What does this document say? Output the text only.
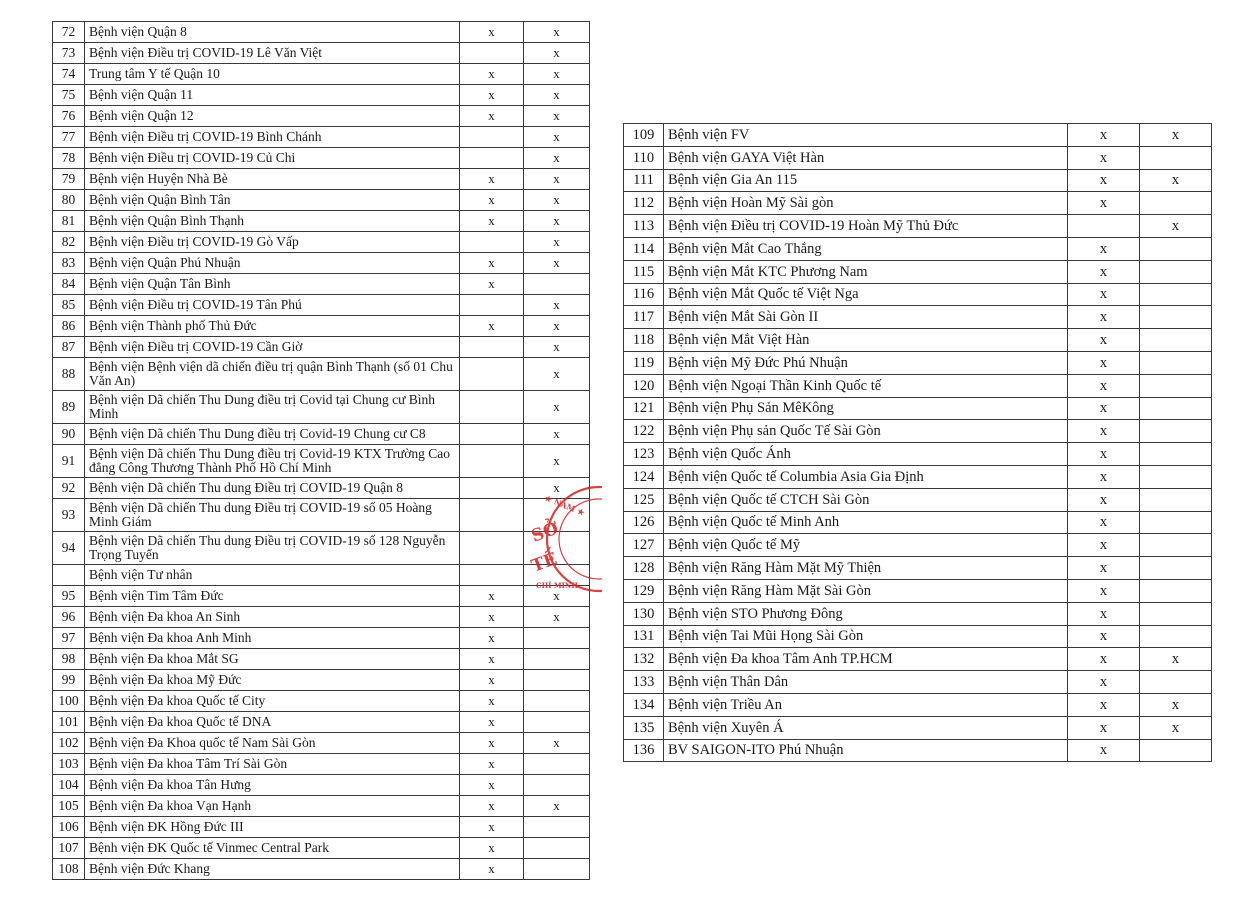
72	Bệnh viện Quận 8	x	x
73	Bệnh viện Điều trị COVID-19 Lê Văn Việt		x
74	Trung tâm Y tế Quận 10	x	x
75	Bệnh viện Quận 11	x	x
76	Bệnh viện Quận 12	x	x
77	Bệnh viện Điều trị COVID-19 Bình Chánh		x
78	Bệnh viện Điều trị COVID-19 Củ Chi		x
79	Bệnh viện Huyện Nhà Bè	x	x
80	Bệnh viện Quận Bình Tân	x	x
81	Bệnh viện Quận Bình Thạnh	x	x
82	Bệnh viện Điều trị COVID-19 Gò Vấp		x
83	Bệnh viện Quận Phú Nhuận	x	x
84	Bệnh viện Quận Tân Bình	x	
85	Bệnh viện Điều trị COVID-19 Tân Phú		x
86	Bệnh viện Thành phố Thủ Đức	x	x
87	Bệnh viện Điều trị COVID-19 Cần Giờ		x
88	Bệnh viện Bệnh viện dã chiến điều trị quận Bình Thạnh (số 01 Chu Văn An)		x
89	Bệnh viện Dã chiến Thu Dung điều trị Covid tại Chung cư Bình Minh		x
90	Bệnh viện Dã chiến Thu Dung điều trị Covid-19 Chung cư C8		x
91	Bệnh viện Dã chiến Thu Dung điều trị Covid-19 KTX Trường Cao đẳng Công Thương Thành Phố Hồ Chí Minh		x
92	Bệnh viện Dã chiến Thu dung Điều trị COVID-19 Quận 8		x
93	Bệnh viện Dã chiến Thu dung Điều trị COVID-19 số 05 Hoàng Minh Giám		
94	Bệnh viện Dã chiến Thu dung Điều trị COVID-19 số 128 Nguyễn Trọng Tuyển		
	Bệnh viện Tư nhân		
95	Bệnh viện Tim Tâm Đức	x	x
96	Bệnh viện Đa khoa An Sinh	x	x
97	Bệnh viện Đa khoa Anh Minh	x	
98	Bệnh viện Đa khoa Mắt SG	x	
99	Bệnh viện Đa khoa Mỹ Đức	x	
100	Bệnh viện Đa khoa Quốc tế City	x	
101	Bệnh viện Đa khoa Quốc tế DNA	x	
102	Bệnh viện Đa Khoa quốc tế Nam Sài Gòn	x	x
103	Bệnh viện Đa khoa Tâm Trí Sài Gòn	x	
104	Bệnh viện Đa khoa Tân Hưng	x	
105	Bệnh viện Đa khoa Vạn Hạnh	x	x
106	Bệnh viện ĐK Hồng Đức III	x	
107	Bệnh viện ĐK Quốc tế Vinmec Central Park	x	
108	Bệnh viện Đức Khang	x	
109	Bệnh viện FV	x	x
110	Bệnh viện GAYA Việt Hàn	x	
111	Bệnh viện Gia An 115	x	x
112	Bệnh viện Hoàn Mỹ Sài gòn	x	
113	Bệnh viện Điều trị COVID-19 Hoàn Mỹ Thủ Đức		x
114	Bệnh viện Mắt Cao Thắng	x	
115	Bệnh viện Mắt KTC Phương Nam	x	
116	Bệnh viện Mắt Quốc tế Việt Nga	x	
117	Bệnh viện Mắt Sài Gòn II	x	
118	Bệnh viện Mắt Việt Hàn	x	
119	Bệnh viện Mỹ Đức Phú Nhuận	x	
120	Bệnh viện Ngoại Thần Kinh Quốc tế	x	
121	Bệnh viện Phụ Sản MêKông	x	
122	Bệnh viện Phụ sản Quốc Tế Sài Gòn	x	
123	Bệnh viện Quốc Ánh	x	
124	Bệnh viện Quốc tế Columbia Asia Gia Định	x	
125	Bệnh viện Quốc tế CTCH Sài Gòn	x	
126	Bệnh viện Quốc tế Minh Anh	x	
127	Bệnh viện Quốc tế Mỹ	x	
128	Bệnh viện Răng Hàm Mặt Mỹ Thiện	x	
129	Bệnh viện Răng Hàm Mặt Sài Gòn	x	
130	Bệnh viện STO Phương Đông	x	
131	Bệnh viện Tai Mũi Họng Sài Gòn	x	
132	Bệnh viện Đa khoa Tâm Anh TP.HCM	x	x
133	Bệnh viện Thân Dân	x	
134	Bệnh viện Triều An	x	x
135	Bệnh viện Xuyên Á	x	x
136	BV SAIGON-ITO Phú Nhuận	x	
SỞ
TẾ
★ NAM ★
CHÍ MINH
